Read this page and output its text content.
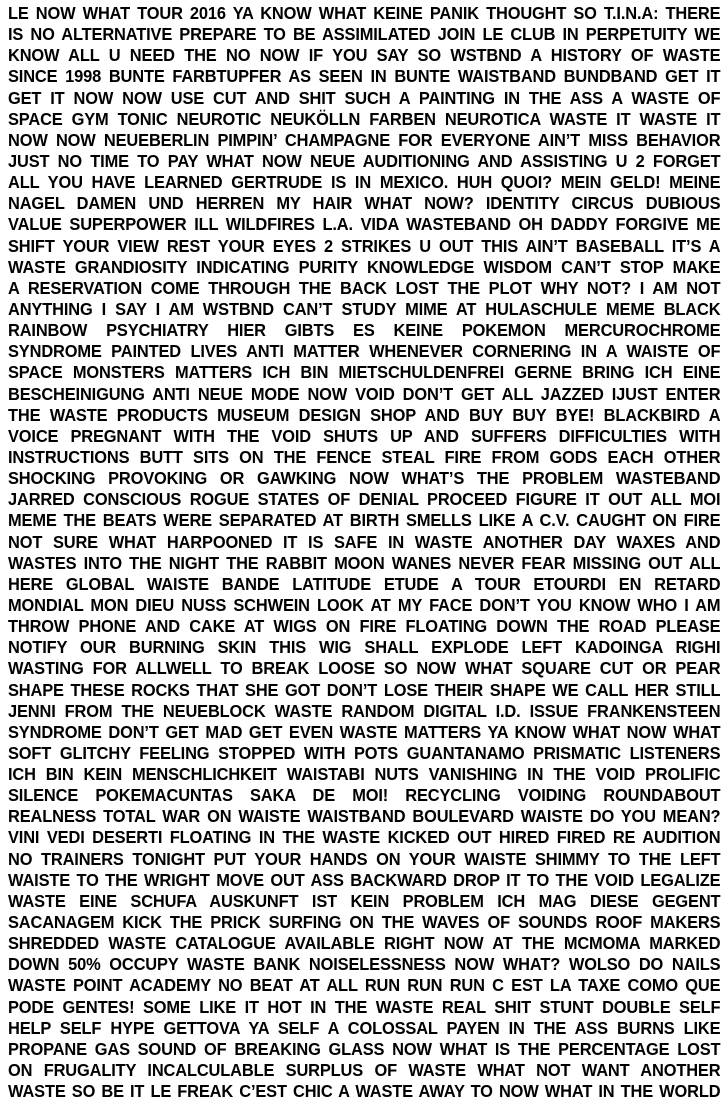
LE NOW WHAT TOUR 2016 YA KNOW WHAT KEINE PANIK THOUGHT SO T.I.N.A: THERE
IS NO ALTERNATIVE PREPARE TO BE ASSIMILATED JOIN LE CLUB IN PERPETUITY WE
KNOW ALL U NEED THE NO NOW IF YOU SAY SO WSTBND A HISTORY OF WASTE
SINCE 1998 BUNTE FARBTUPFER AS SEEN IN BUNTE WAISTBAND BUNDBAND GET IT
GET IT NOW NOW USE CUT AND SHIT SUCH A PAINTING IN THE ASS A WASTE OF
SPACE GYM TONIC NEUROTIC NEUKÖLLN FARBEN NEUROTICA WASTE IT WASTE IT
NOW NOW NEUEBERLIN PIMPIN’ CHAMPAGNE FOR EVERYONE AIN’T MISS BEHAVIOR
JUST NO TIME TO PAY WHAT NOW NEUE AUDITIONING AND ASSISTING U 2 FORGET
ALL YOU HAVE LEARNED GERTRUDE IS IN MEXICO. HUH QUOI? MEIN GELD! MEINE
NAGEL DAMEN UND HERREN MY HAIR WHAT NOW? IDENTITY CIRCUS DUBIOUS
VALUE SUPERPOWER ILL WILDFIRES L.A. VIDA WASTEBAND OH DADDY FORGIVE ME
SHIFT YOUR VIEW REST YOUR EYES 2 STRIKES U OUT THIS AIN’T BASEBALL IT’S A
WASTE GRANDIOSITY INDICATING PURITY KNOWLEDGE WISDOM CAN’T STOP MAKE
A RESERVATION COME THROUGH THE BACK LOST THE PLOT WHY NOT? I AM NOT
ANYTHING I SAY I AM WSTBND CAN’T STUDY MIME AT HULASCHULE MEME BLACK
RAINBOW PSYCHIATRY HIER GIBTS ES KEINE POKEMON MERCUROCHROME
SYNDROME PAINTED LIVES ANTI MATTER WHENEVER CORNERING IN A WAISTE OF
SPACE MONSTERS MATTERS ICH BIN MIETSCHULDENFREI GERNE BRING ICH EINE
BESCHEINIGUNG ANTI NEUE MODE NOW VOID DON’T GET ALL JAZZED IJUST ENTER
THE WASTE PRODUCTS MUSEUM DESIGN SHOP AND BUY BUY BYE! BLACKBIRD A
VOICE PREGNANT WITH THE VOID SHUTS UP AND SUFFERS DIFFICULTIES WITH
INSTRUCTIONS BUTT SITS ON THE FENCE STEAL FIRE FROM GODS EACH OTHER
SHOCKING PROVOKING OR GAWKING NOW WHAT’S THE PROBLEM WASTEBAND
JARRED CONSCIOUS ROGUE STATES OF DENIAL PROCEED FIGURE IT OUT ALL MOI
MEME THE BEATS WERE SEPARATED AT BIRTH SMELLS LIKE A C.V. CAUGHT ON FIRE
NOT SURE WHAT HARPOONED IT IS SAFE IN WASTE ANOTHER DAY WAXES AND
WASTES INTO THE NIGHT THE RABBIT MOON WANES NEVER FEAR MISSING OUT ALL
HERE GLOBAL WAISTE BANDE LATITUDE ETUDE A TOUR ETOURDI EN RETARD
MONDIAL MON DIEU NUSS SCHWEIN LOOK AT MY FACE DON’T YOU KNOW WHO I AM
THROW PHONE AND CAKE AT WIGS ON FIRE FLOATING DOWN THE ROAD PLEASE
NOTIFY OUR BURNING SKIN THIS WIG SHALL EXPLODE LEFT KADOINGA RIGHI
WASTING FOR ALLWELL TO BREAK LOOSE SO NOW WHAT SQUARE CUT OR PEAR
SHAPE THESE ROCKS THAT SHE GOT DON’T LOSE THEIR SHAPE WE CALL HER STILL
JENNI FROM THE NEUEBLOCK WASTE RANDOM DIGITAL I.D. ISSUE FRANKENSTEEN
SYNDROME DON’T GET MAD GET EVEN WASTE MATTERS YA KNOW WHAT NOW WHAT
SOFT GLITCHY FEELING STOPPED WITH POTS GUANTANAMO PRISMATIC LISTENERS
ICH BIN KEIN MENSCHLICHKEIT WAISTABI NUTS VANISHING IN THE VOID PROLIFIC
SILENCE POKEMACUNTAS SAKA DE MOI! RECYCLING VOIDING ROUNDABOUT
REALNESS TOTAL WAR ON WAISTE WAISTBAND BOULEVARD WAISTE DO YOU MEAN?
VINI VEDI DESERTI FLOATING IN THE WASTE KICKED OUT HIRED FIRED RE AUDITION
NO TRAINERS TONIGHT PUT YOUR HANDS ON YOUR WAISTE SHIMMY TO THE LEFT
WAISTE TO THE WRIGHT MOVE OUT ASS BACKWARD DROP IT TO THE VOID LEGALIZE
WASTE EINE SCHUFA AUSKUNFT IST KEIN PROBLEM ICH MAG DIESE GEGENT
SACANAGEM KICK THE PRICK SURFING ON THE WAVES OF SOUNDS ROOF MAKERS
SHREDDED WASTE CATALOGUE AVAILABLE RIGHT NOW AT THE MCMOMA MARKED
DOWN 50% OCCUPY WASTE BANK NOISELESSNESS NOW WHAT? WOLSO DO NAILS
WASTE POINT ACADEMY NO BEAT AT ALL RUN RUN RUN C EST LA TAXE COMO QUE
PODE GENTES! SOME LIKE IT HOT IN THE WASTE REAL SHIT STUNT DOUBLE SELF
HELP SELF HYPE GETTOVA YA SELF A COLOSSAL PAYEN IN THE ASS BURNS LIKE
PROPANE GAS SOUND OF BREAKING GLASS NOW WHAT IS THE PERCENTAGE LOST
ON FRUGALITY INCALCULABLE SURPLUS OF WASTE WHAT NOT WANT ANOTHER
WASTE SO BE IT LE FREAK C’EST CHIC A WASTE AWAY TO NOW WHAT IN THE WORLD
